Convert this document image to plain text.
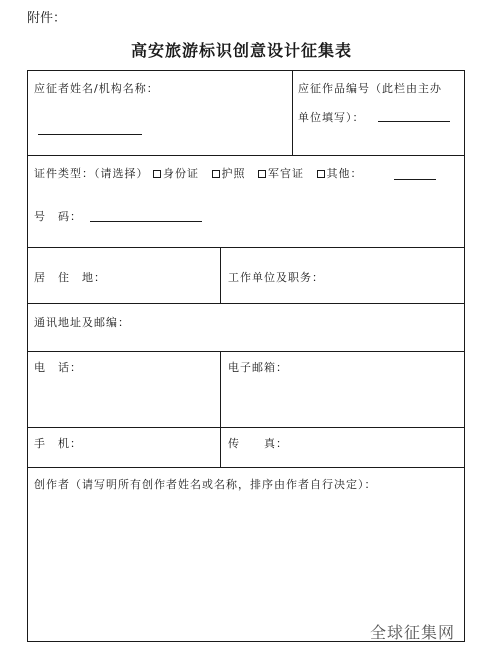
附件：
高安旅游标识创意设计征集表
应征者姓名/机构名称：	应征作品编号（此栏由主办
单位填写）：
证件类型：（请选择） 身份证 护照 军官证 其他：
号　码：
居　住　地：	工作单位及职务：
通讯地址及邮编：
电　话：	电子邮箱：
手　机：	传　　真：
创作者（请写明所有创作者姓名或名称，排序由作者自行决定）：
全球征集网
